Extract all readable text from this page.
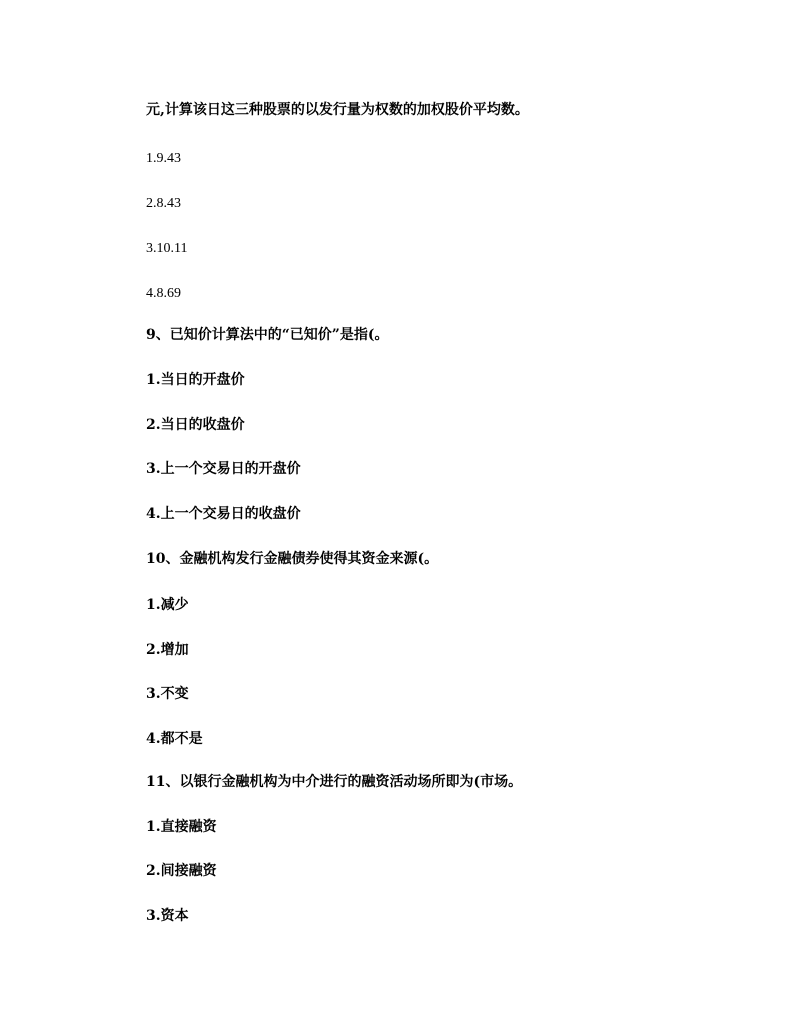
元,计算该日这三种股票的以发行量为权数的加权股价平均数。
1.9.43
2.8.43
3.10.11
4.8.69
9、已知价计算法中的“已知价”是指(。
1.当日的开盘价
2.当日的收盘价
3.上一个交易日的开盘价
4.上一个交易日的收盘价
10、金融机构发行金融债券使得其资金来源(。
1.减少
2.增加
3.不变
4.都不是
11、以银行金融机构为中介进行的融资活动场所即为(市场。
1.直接融资
2.间接融资
3.资本
